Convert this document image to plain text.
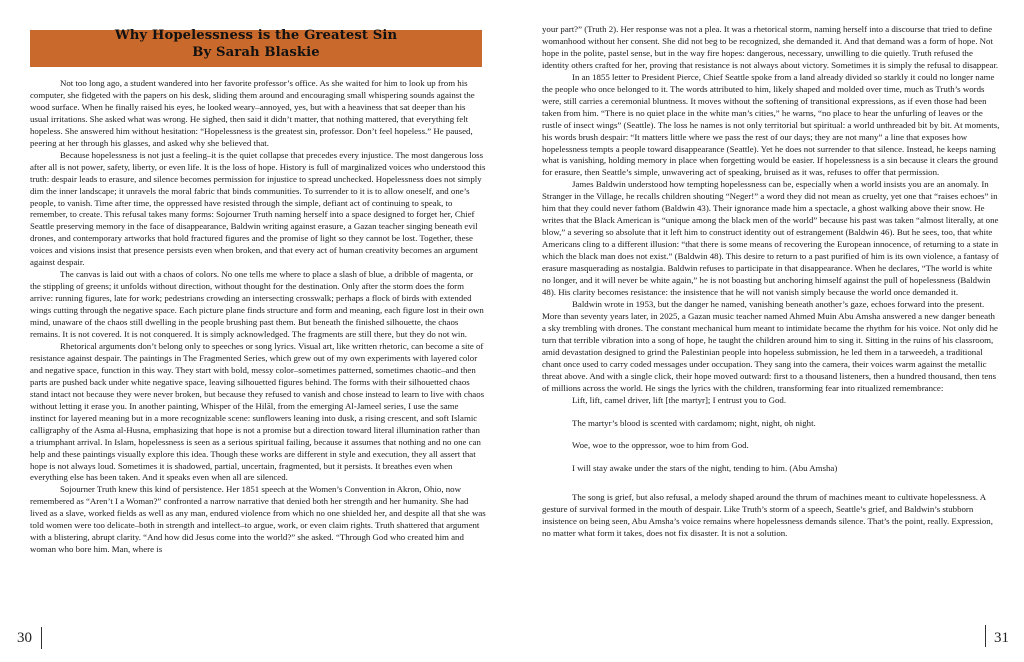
Why Hopelessness is the Greatest Sin
By Sarah Blaskie

Not too long ago, a student wandered into her favorite professor’s office. As she waited for him to look up from his computer, she fidgeted with the papers on his desk, sliding them around and encouraging small whispering sounds against the wood surface. When he finally raised his eyes, he looked weary–annoyed, yes, but with a heaviness that sat deeper than his usual irritations. She asked what was wrong. He sighed, then said it didn’t matter, that nothing mattered, that everything felt hopeless. She answered him without hesitation: “Hopelessness is the greatest sin, professor. Don’t feel hopeless.” He paused, peering at her through his glasses, and asked why she believed that.

Because hopelessness is not just a feeling–it is the quiet collapse that precedes every injustice. The most dangerous loss after all is not power, safety, liberty, or even life. It is the loss of hope. History is full of marginalized voices who understood this truth: despair leads to erasure, and silence becomes permission for injustice to spread unchecked. Hopelessness does not simply dim the inner landscape; it unravels the moral fabric that binds communities. To surrender to it is to allow oneself, and one’s people, to vanish. Time after time, the oppressed have resisted through the simple, defiant act of continuing to speak, to remember, to create. This refusal takes many forms: Sojourner Truth naming herself into a space designed to forget her, Chief Seattle preserving memory in the face of disappearance, Baldwin writing against erasure, a Gazan teacher singing beneath evil drones, and contemporary artworks that hold fractured figures and the promise of light so they cannot be lost. Together, these voices and visions insist that presence persists even when broken, and that every act of human creativity becomes an argument against despair.

The canvas is laid out with a chaos of colors. No one tells me where to place a slash of blue, a dribble of magenta, or the stippling of greens; it unfolds without direction, without thought for the destination. Only after the storm does the form arrive: running figures, late for work; pedestrians crowding an intersecting crosswalk; perhaps a flock of birds with extended wings cutting through the negative space. Each picture plane finds structure and form and meaning, each figure lost in their own mind, unaware of the chaos still dwelling in the people brushing past them. But beneath the finished silhouette, the chaos remains. It is not covered. It is not conquered. It is simply acknowledged. The fragments are still there, but they do not win.

Rhetorical arguments don’t belong only to speeches or song lyrics. Visual art, like written rhetoric, can become a site of resistance against despair. The paintings in The Fragmented Series, which grew out of my own experiments with layered color and negative space, function in this way. They start with bold, messy color–sometimes patterned, sometimes chaotic–and then parts are pushed back under white negative space, leaving silhouetted figures behind. The forms with their silhouetted chaos stand intact not because they were never broken, but because they refused to vanish and chose instead to learn to live with chaos without letting it erase you. In another painting, Whisper of the Hilāl, from the emerging Al-Jameel series, I use the same instinct for layered meaning but in a more recognizable scene: sunflowers leaning into dusk, a rising crescent, and soft Islamic calligraphy of the Asma al-Husna, emphasizing that hope is not a promise but a direction toward literal illumination rather than a triumphant arrival. In Islam, hopelessness is seen as a serious spiritual failing, because it assumes that nothing and no one can help and these paintings visually explore this idea. Though these works are different in style and execution, they all assert that hope is not always loud. Sometimes it is shadowed, partial, uncertain, fragmented, but it persists. It breathes even when everything else has been taken. And it speaks even when all are silenced.

Sojourner Truth knew this kind of persistence. Her 1851 speech at the Women’s Convention in Akron, Ohio, now remembered as “Aren’t I a Woman?” confronted a narrow narrative that denied both her strength and her humanity. She had lived as a slave, worked fields as well as any man, endured violence from which no one shielded her, and despite all that she was told women were too delicate–both in strength and intellect–to argue, work, or even claim rights. Truth shattered that argument with a blistering, abrupt clarity. “And how did Jesus come into the world?” she asked. “Through God who created him and woman who bore him. Man, where is

30

your part?” (Truth 2). Her response was not a plea. It was a rhetorical storm, naming herself into a discourse that tried to define womanhood without her consent. She did not beg to be recognized, she demanded it. And that demand was a form of hope. Not hope in the polite, pastel sense, but in the way fire hopes: dangerous, necessary, unwilling to die quietly. Truth refused the identity others crafted for her, proving that resistance is not always about victory. Sometimes it is simply the refusal to disappear.

In an 1855 letter to President Pierce, Chief Seattle spoke from a land already divided so starkly it could no longer name the people who once belonged to it. The words attributed to him, likely shaped and molded over time, much as Truth’s words were, still carries a ceremonial bluntness. It moves without the softening of transitional expressions, as if even those had been taken from him. “There is no quiet place in the white man’s cities,” he warns, “no place to hear the unfurling of leaves or the rustle of insect wings” (Seattle). The loss he names is not only territorial but spiritual: a world unthreaded bit by bit. At moments, his words brush despair: “It matters little where we pass the rest of our days; they are not many” a line that exposes how hopelessness tempts a people toward disappearance (Seattle). Yet he does not surrender to that silence. Instead, he keeps naming what is vanishing, holding memory in place when forgetting would be easier. If hopelessness is a sin because it clears the ground for erasure, then Seattle’s simple, unwavering act of speaking, bruised as it was, refuses to offer that permission.

James Baldwin understood how tempting hopelessness can be, especially when a world insists you are an anomaly. In Stranger in the Village, he recalls children shouting “Neger!” a word they did not mean as cruelty, yet one that “raises echoes” in him that they could never fathom (Baldwin 43). Their ignorance made him a spectacle, a ghost walking above their snow. He writes that the Black American is “unique among the black men of the world” because his past was taken “almost literally, at one blow,” a severing so absolute that it left him to construct identity out of estrangement (Baldwin 46). But he sees, too, that white Americans cling to a different illusion: “that there is some means of recovering the European innocence, of returning to a state in which the black man does not exist.” (Baldwin 48). This desire to return to a past purified of him is its own violence, a fantasy of erasure masquerading as nostalgia. Baldwin refuses to participate in that disappearance. When he declares, “The world is white no longer, and it will never be white again,” he is not boasting but anchoring himself against the pull of hopelessness (Baldwin 48). His clarity becomes resistance: the insistence that he will not vanish simply because the world once demanded it.

Baldwin wrote in 1953, but the danger he named, vanishing beneath another’s gaze, echoes forward into the present. More than seventy years later, in 2025, a Gazan music teacher named Ahmed Muin Abu Amsha answered a new danger beneath a sky trembling with drones. The constant mechanical hum meant to intimidate became the rhythm for his voice. Not only did he turn that terrible vibration into a song of hope, he taught the children around him to sing it. Sitting in the ruins of his classroom, amid devastation designed to grind the Palestinian people into hopeless submission, he led them in a tarweedeh, a traditional chant once used to carry coded messages under occupation. They sang into the camera, their voices warm against the metallic threat above. And with a single click, their hope moved outward: first to a thousand listeners, then a hundred thousand, then tens of millions across the world. He sings the lyrics with the children, transforming fear into ritualized remembrance:

Lift, lift, camel driver, lift [the martyr]; I entrust you to God.
The martyr’s blood is scented with cardamom; night, night, oh night.
Woe, woe to the oppressor, woe to him from God.
I will stay awake under the stars of the night, tending to him. (Abu Amsha)

The song is grief, but also refusal, a melody shaped around the thrum of machines meant to cultivate hopelessness. A gesture of survival formed in the mouth of despair. Like Truth’s storm of a speech, Seattle’s grief, and Baldwin’s stubborn insistence on being seen, Abu Amsha’s voice remains where hopelessness demands silence. That’s the point, really. Expression, no matter what form it takes, does not fix disaster. It is not a solution.

31
